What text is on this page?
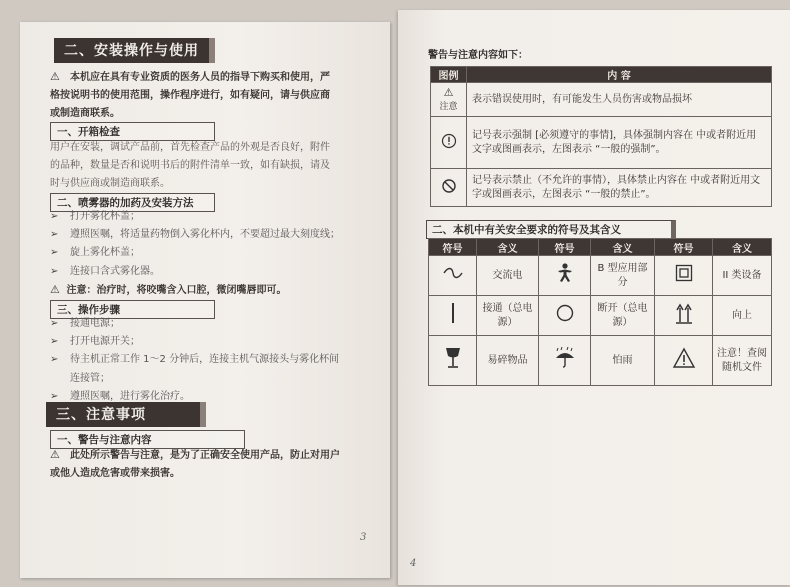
二、安装操作与使用
⚠ 本机应在具有专业资质的医务人员的指导下购买和使用，严
格按说明书的使用范围，操作程序进行，如有疑问，请与供应商
或制造商联系。
一、开箱检查
用户在安装，调试产品前，首先检查产品的外观是否良好，附件
的品种，数量是否和说明书后的附件清单一致，如有缺损，请及
时与供应商或制造商联系。
二、喷雾器的加药及安装方法
➢ 打开雾化杯盖；
➢ 遵照医嘱，将适量药物倒入雾化杯内，不要超过最大刻度线；
➢ 旋上雾化杯盖；
➢ 连接口含式雾化器。
⚠ 注意：治疗时，将咬嘴含入口腔，微闭嘴唇即可。
三、操作步骤
➢ 接通电源；
➢ 打开电源开关；
➢ 待主机正常工作 1～2 分钟后，连接主机气源接头与雾化杯间
连接管；
➢ 遵照医嘱，进行雾化治疗。
三、注意事项
一、警告与注意内容
⚠ 此处所示警告与注意，是为了正确安全使用产品，防止对用户
或他人造成危害或带来损害。
3
警告与注意内容如下：
图例	内 容

⚠
注意	表示错误使用时，有可能发生人员伤害或物品损坏
	记号表示强制 [必须遵守的事情]，具体强制内容在 中或者附近用文字或图画表示，左图表示 “一般的强制”。
	记号表示禁止（不允许的事情），具体禁止内容在 中或者附近用文字或图画表示，左图表示 “一般的禁止”。
二、本机中有关安全要求的符号及其含义
符号	含义	符号	含义	符号	含义
	交流电		B 型应用部分		II 类设备
	接通（总电源）		断开（总电源）		向上
	易碎物品		怕雨		注意！查阅随机文件
4
